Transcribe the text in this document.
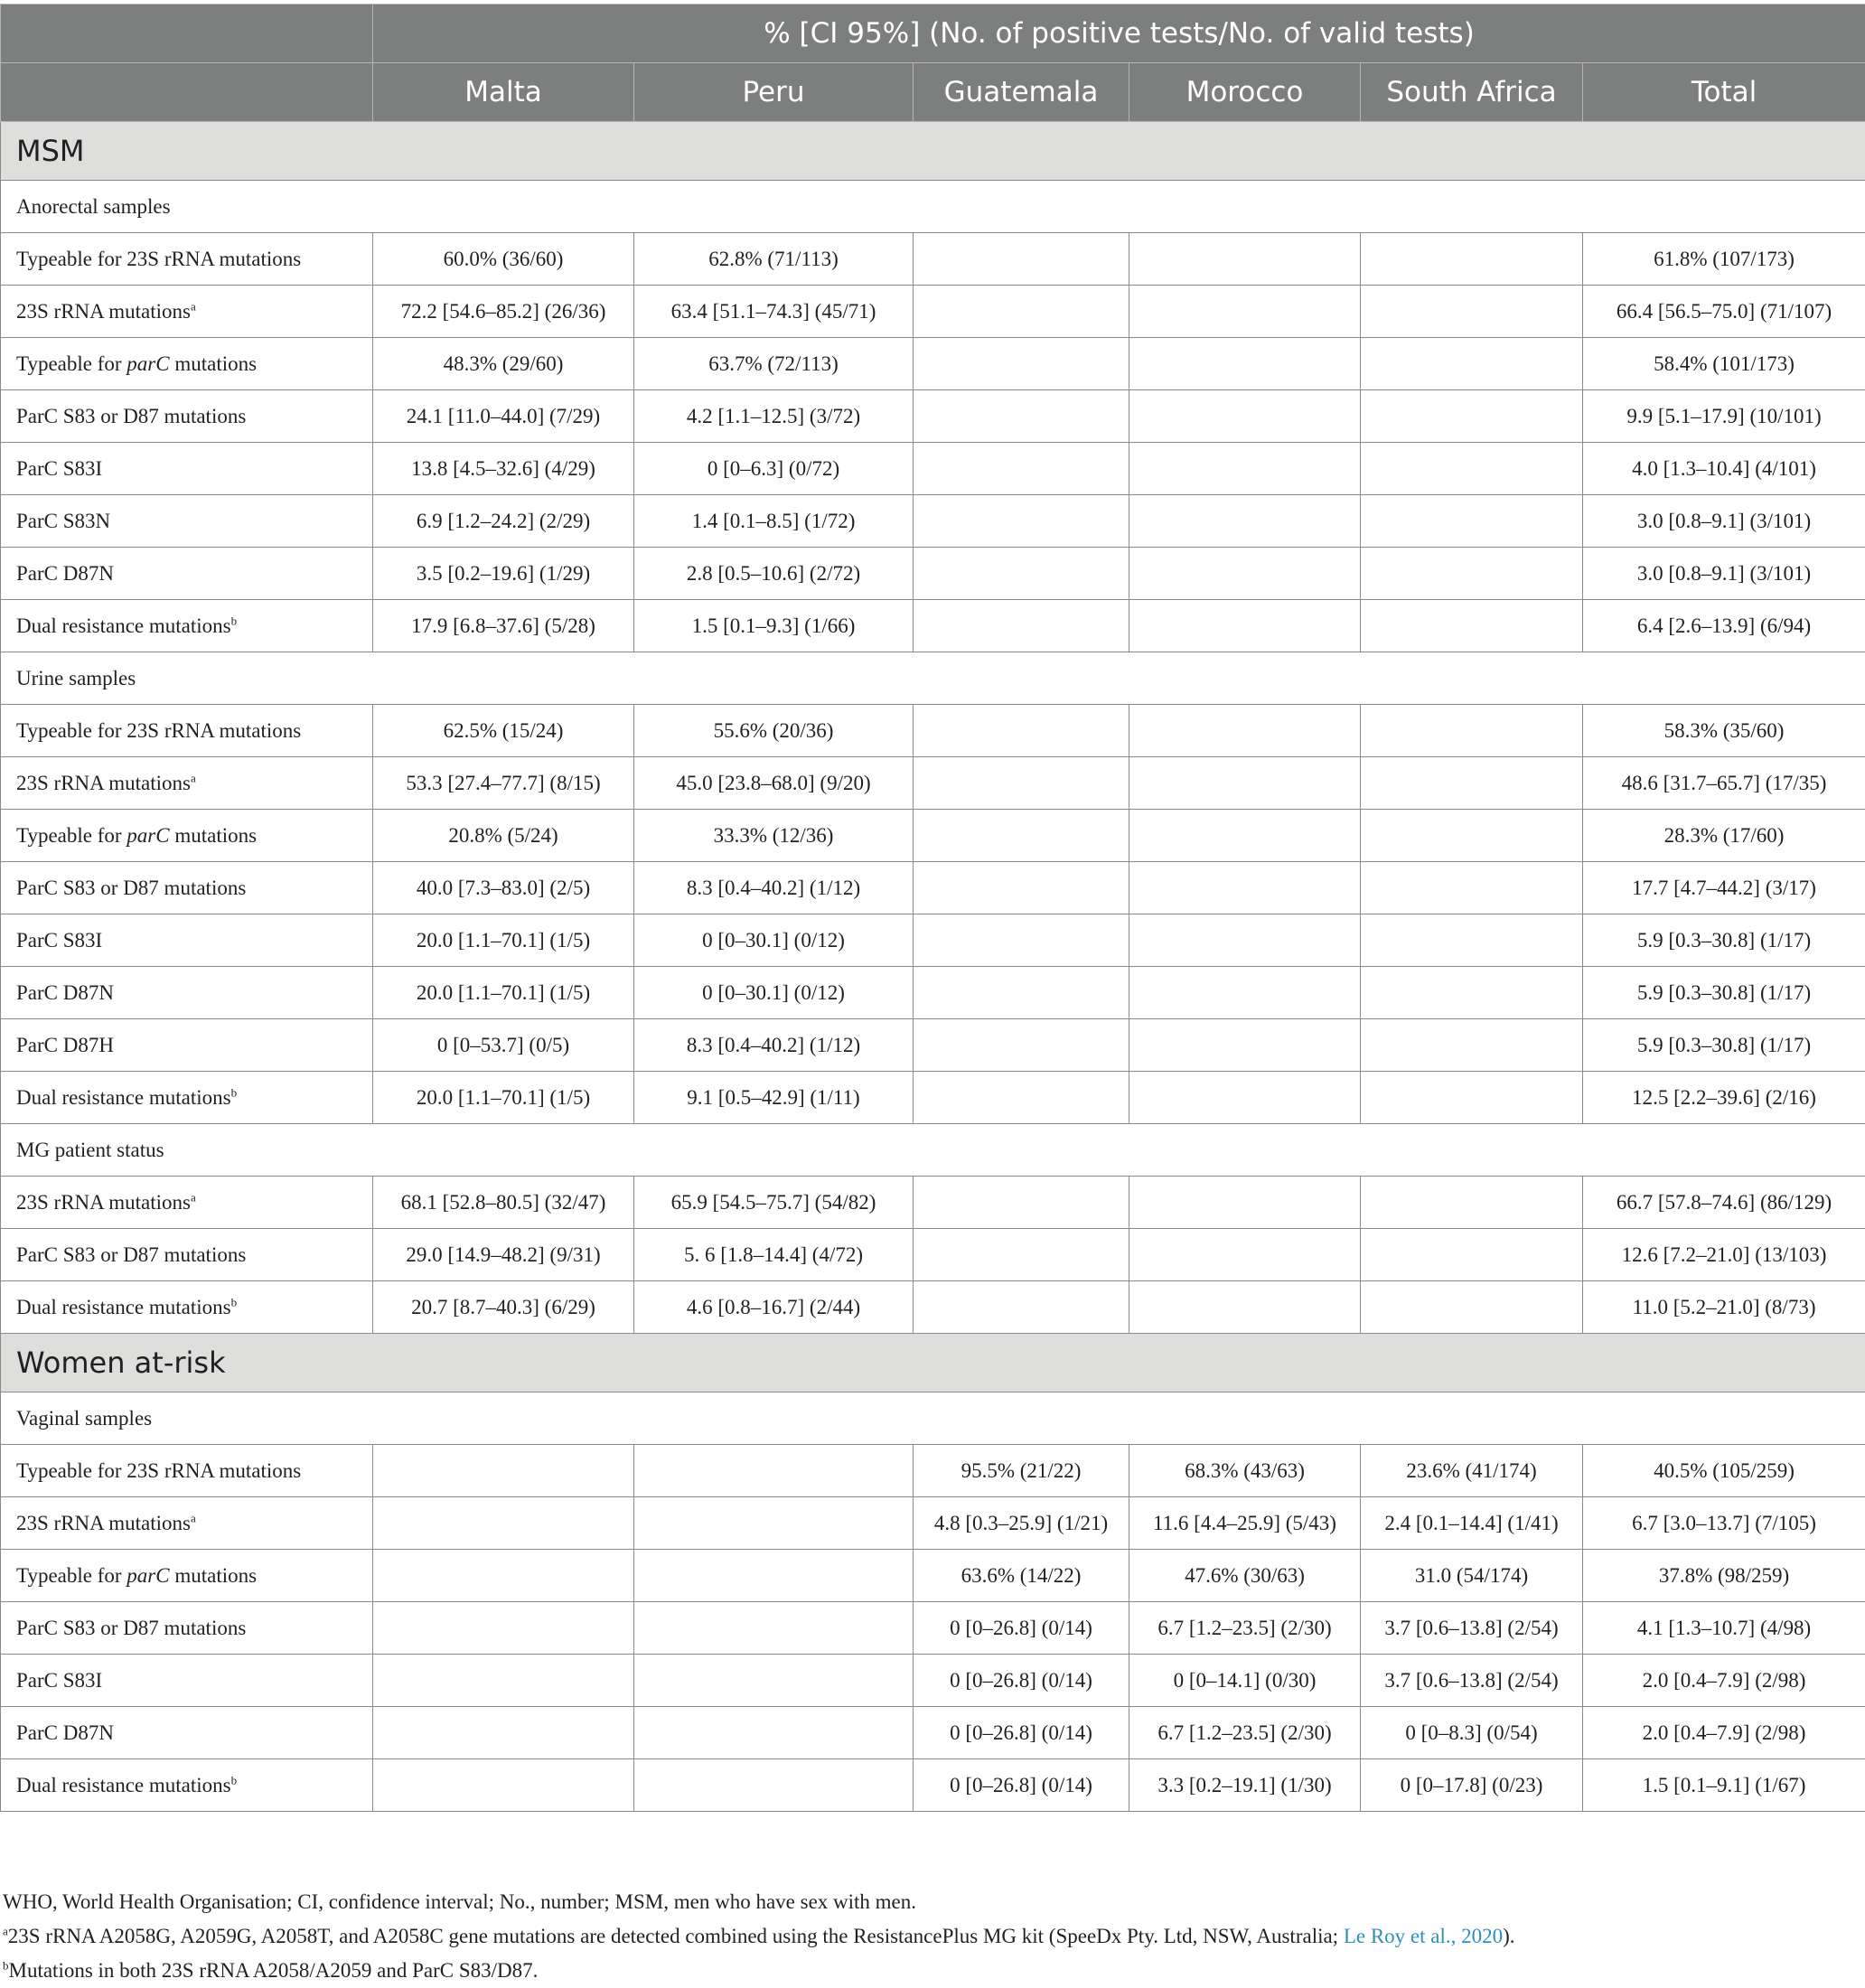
	% [CI 95%] (No. of positive tests/No. of valid tests)					
	Malta	Peru	Guatemala	Morocco	South Africa	Total
MSM						
Anorectal samples						
Typeable for 23S rRNA mutations	60.0% (36/60)	62.8% (71/113)				61.8% (107/173)
23S rRNA mutations$^a$	72.2 [54.6–85.2] (26/36)	63.4 [51.1–74.3] (45/71)				66.4 [56.5–75.0] (71/107)
Typeable for parC mutations	48.3% (29/60)	63.7% (72/113)				58.4% (101/173)
ParC S83 or D87 mutations	24.1 [11.0–44.0] (7/29)	4.2 [1.1–12.5] (3/72)				9.9 [5.1–17.9] (10/101)
ParC S83I	13.8 [4.5–32.6] (4/29)	0 [0–6.3] (0/72)				4.0 [1.3–10.4] (4/101)
ParC S83N	6.9 [1.2–24.2] (2/29)	1.4 [0.1–8.5] (1/72)				3.0 [0.8–9.1] (3/101)
ParC D87N	3.5 [0.2–19.6] (1/29)	2.8 [0.5–10.6] (2/72)				3.0 [0.8–9.1] (3/101)
Dual resistance mutations$^b$	17.9 [6.8–37.6] (5/28)	1.5 [0.1–9.3] (1/66)				6.4 [2.6–13.9] (6/94)
Urine samples						
Typeable for 23S rRNA mutations	62.5% (15/24)	55.6% (20/36)				58.3% (35/60)
23S rRNA mutations$^a$	53.3 [27.4–77.7] (8/15)	45.0 [23.8–68.0] (9/20)				48.6 [31.7–65.7] (17/35)
Typeable for parC mutations	20.8% (5/24)	33.3% (12/36)				28.3% (17/60)
ParC S83 or D87 mutations	40.0 [7.3–83.0] (2/5)	8.3 [0.4–40.2] (1/12)				17.7 [4.7–44.2] (3/17)
ParC S83I	20.0 [1.1–70.1] (1/5)	0 [0–30.1] (0/12)				5.9 [0.3–30.8] (1/17)
ParC D87N	20.0 [1.1–70.1] (1/5)	0 [0–30.1] (0/12)				5.9 [0.3–30.8] (1/17)
ParC D87H	0 [0–53.7] (0/5)	8.3 [0.4–40.2] (1/12)				5.9 [0.3–30.8] (1/17)
Dual resistance mutations$^b$	20.0 [1.1–70.1] (1/5)	9.1 [0.5–42.9] (1/11)				12.5 [2.2–39.6] (2/16)
MG patient status						
23S rRNA mutations$^a$	68.1 [52.8–80.5] (32/47)	65.9 [54.5–75.7] (54/82)				66.7 [57.8–74.6] (86/129)
ParC S83 or D87 mutations	29.0 [14.9–48.2] (9/31)	5. 6 [1.8–14.4] (4/72)				12.6 [7.2–21.0] (13/103)
Dual resistance mutations$^b$	20.7 [8.7–40.3] (6/29)	4.6 [0.8–16.7] (2/44)				11.0 [5.2–21.0] (8/73)
Women at-risk						
Vaginal samples						
Typeable for 23S rRNA mutations			95.5% (21/22)	68.3% (43/63)	23.6% (41/174)	40.5% (105/259)
23S rRNA mutations$^a$			4.8 [0.3–25.9] (1/21)	11.6 [4.4–25.9] (5/43)	2.4 [0.1–14.4] (1/41)	6.7 [3.0–13.7] (7/105)
Typeable for parC mutations			63.6% (14/22)	47.6% (30/63)	31.0 (54/174)	37.8% (98/259)
ParC S83 or D87 mutations			0 [0–26.8] (0/14)	6.7 [1.2–23.5] (2/30)	3.7 [0.6–13.8] (2/54)	4.1 [1.3–10.7] (4/98)
ParC S83I			0 [0–26.8] (0/14)	0 [0–14.1] (0/30)	3.7 [0.6–13.8] (2/54)	2.0 [0.4–7.9] (2/98)
ParC D87N			0 [0–26.8] (0/14)	6.7 [1.2–23.5] (2/30)	0 [0–8.3] (0/54)	2.0 [0.4–7.9] (2/98)
Dual resistance mutations$^b$			0 [0–26.8] (0/14)	3.3 [0.2–19.1] (1/30)	0 [0–17.8] (0/23)	1.5 [0.1–9.1] (1/67)

WHO, World Health Organisation; CI, confidence interval; No., number; MSM, men who have sex with men.

$^a$23S rRNA A2058G, A2059G, A2058T, and A2058C gene mutations are detected combined using the ResistancePlus MG kit (SpeeDx Pty. Ltd, NSW, Australia; Le Roy et al., 2020).

$^b$Mutations in both 23S rRNA A2058/A2059 and ParC S83/D87.
